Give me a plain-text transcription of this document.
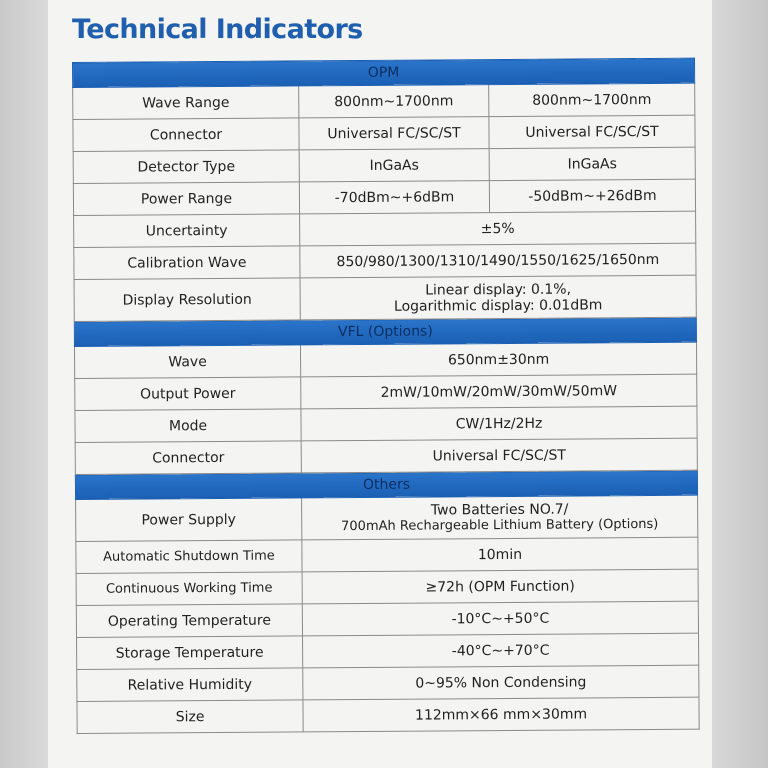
Technical Indicators
OPM		
Wave Range	800nm~1700nm	800nm~1700nm
Connector	Universal FC/SC/ST	Universal FC/SC/ST
Detector Type	InGaAs	InGaAs
Power Range	-70dBm~+6dBm	-50dBm~+26dBm
Uncertainty	±5%	
Calibration Wave	850/980/1300/1310/1490/1550/1625/1650nm	
Display Resolution	Linear display: 0.1%,
Logarithmic display: 0.01dBm	

VFL (Options)		
Wave	650nm±30nm	
Output Power	2mW/10mW/20mW/30mW/50mW	
Mode	CW/1Hz/2Hz	
Connector	Universal FC/SC/ST	
Others		
Power Supply	Two Batteries NO.7/
700mAh Rechargeable Lithium Battery (Options)	

Automatic Shutdown Time	10min	
Continuous Working Time	≥72h (OPM Function)	
Operating Temperature	-10°C~+50°C	
Storage Temperature	-40°C~+70°C	
Relative Humidity	0~95% Non Condensing	
Size	112mm×66 mm×30mm	
